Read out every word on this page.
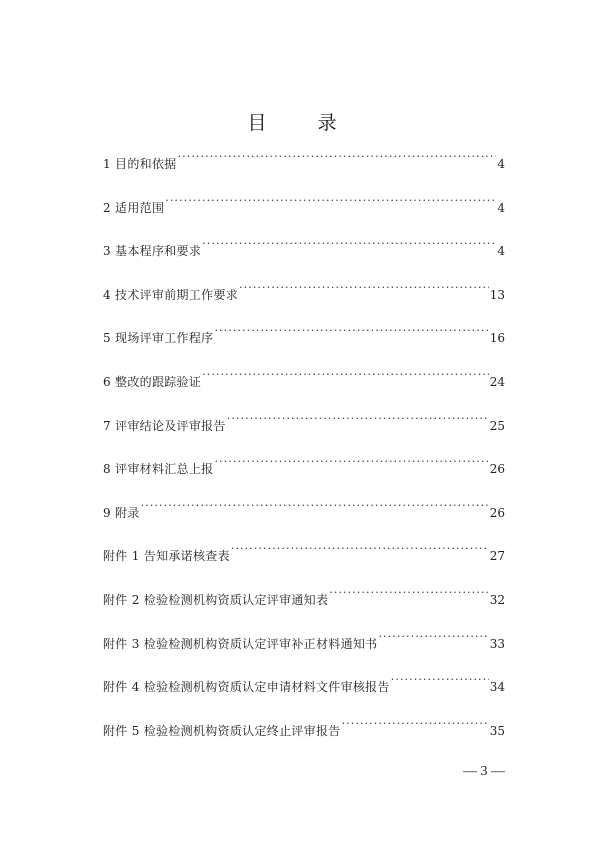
目　录
1 目的和依据 . . .	4
2 适用范围 . . .	4
3 基本程序和要求 . . .	4
4 技术评审前期工作要求 . . .	13
5 现场评审工作程序 . . .	16
6 整改的跟踪验证 . . .	24
7 评审结论及评审报告 . . .	25
8 评审材料汇总上报 . . .	26
9 附录 . . .	26
附件 1 告知承诺核查表 . . .	27
附件 2 检验检测机构资质认定评审通知表 . . .	32
附件 3 检验检测机构资质认定评审补正材料通知书 . . .	33
附件 4 检验检测机构资质认定申请材料文件审核报告 . . .	34
附件 5 检验检测机构资质认定终止评审报告 . . .	35
— 3 —
